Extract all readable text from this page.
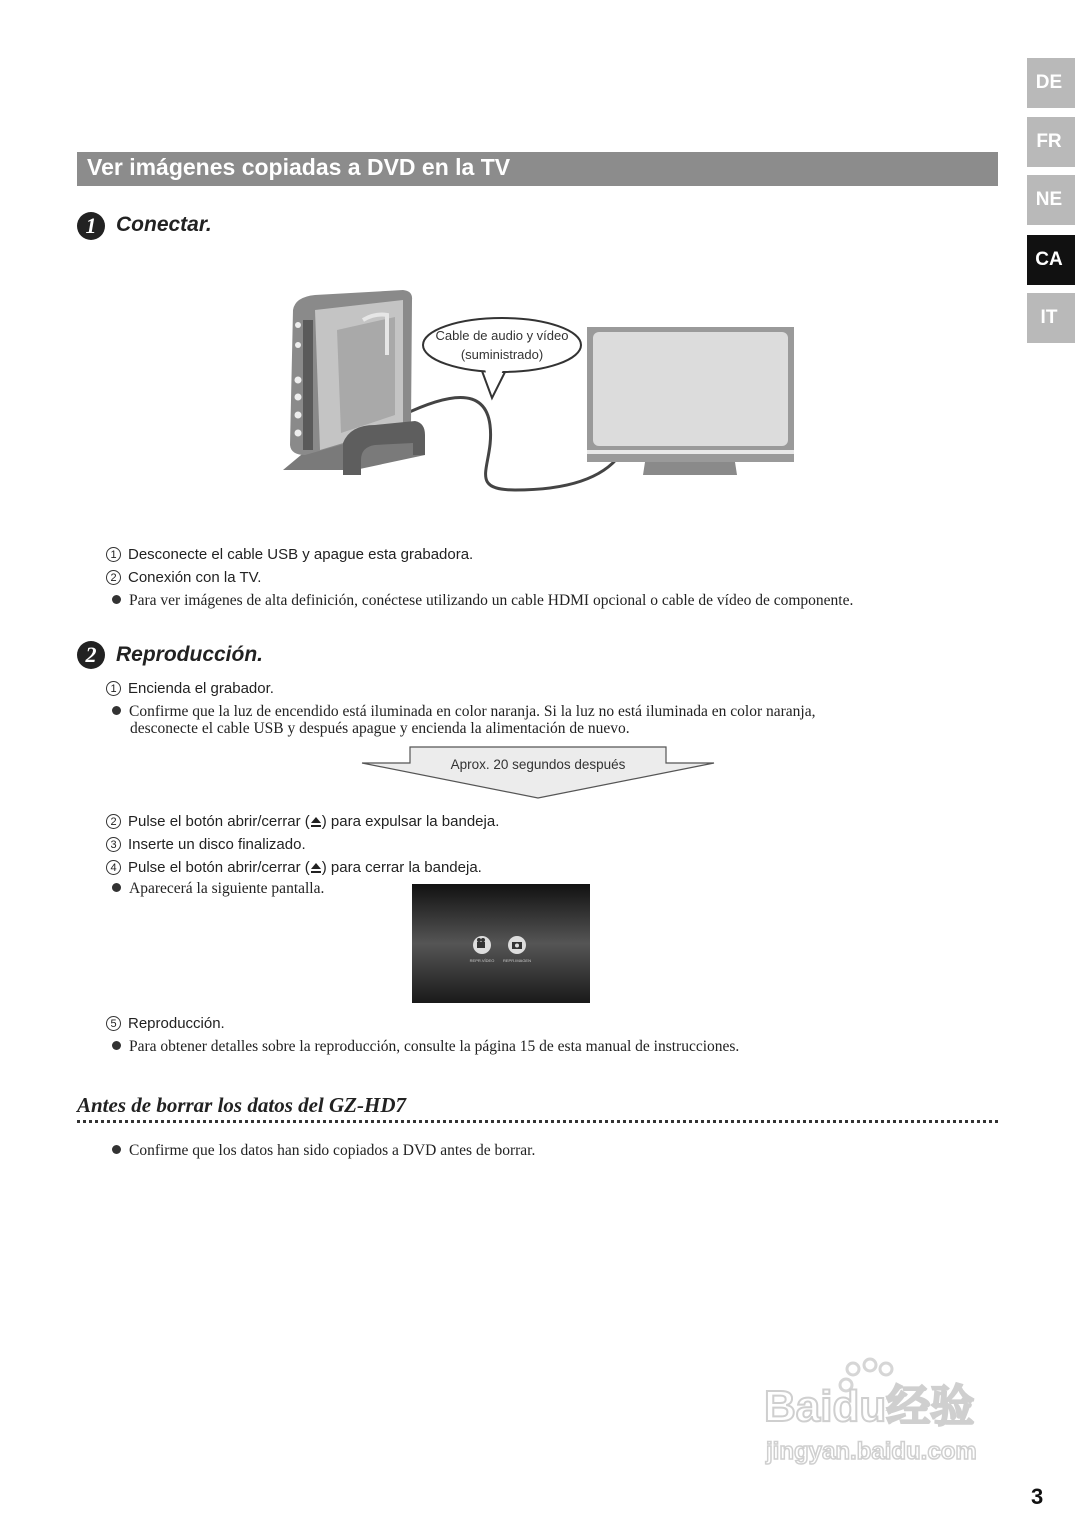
DE
FR
NE
CA
IT
Ver imágenes copiadas a DVD en la TV
1 Conectar.
Cable de audio y vídeo
(suministrado)
1 Desconecte el cable USB y apague esta grabadora.
2 Conexión con la TV.
Para ver imágenes de alta definición, conéctese utilizando un cable HDMI opcional o cable de vídeo de componente.
2 Reproducción.
1 Encienda el grabador.
Confirme que la luz de encendido está iluminada en color naranja. Si la luz no está iluminada en color naranja,
desconecte el cable USB y después apague y encienda la alimentación de nuevo.
Aprox. 20 segundos después
2 Pulse el botón abrir/cerrar ( ) para expulsar la bandeja.
3 Inserte un disco finalizado.
4 Pulse el botón abrir/cerrar ( ) para cerrar la bandeja.
Aparecerá la siguiente pantalla.
REPR.VÍDEO REPR.IMAGEN
5 Reproducción.
Para obtener detalles sobre la reproducción, consulte la página 15 de esta manual de instrucciones.
Antes de borrar los datos del GZ-HD7
Confirme que los datos han sido copiados a DVD antes de borrar.
Baidu经验
jingyan.baidu.com
3
